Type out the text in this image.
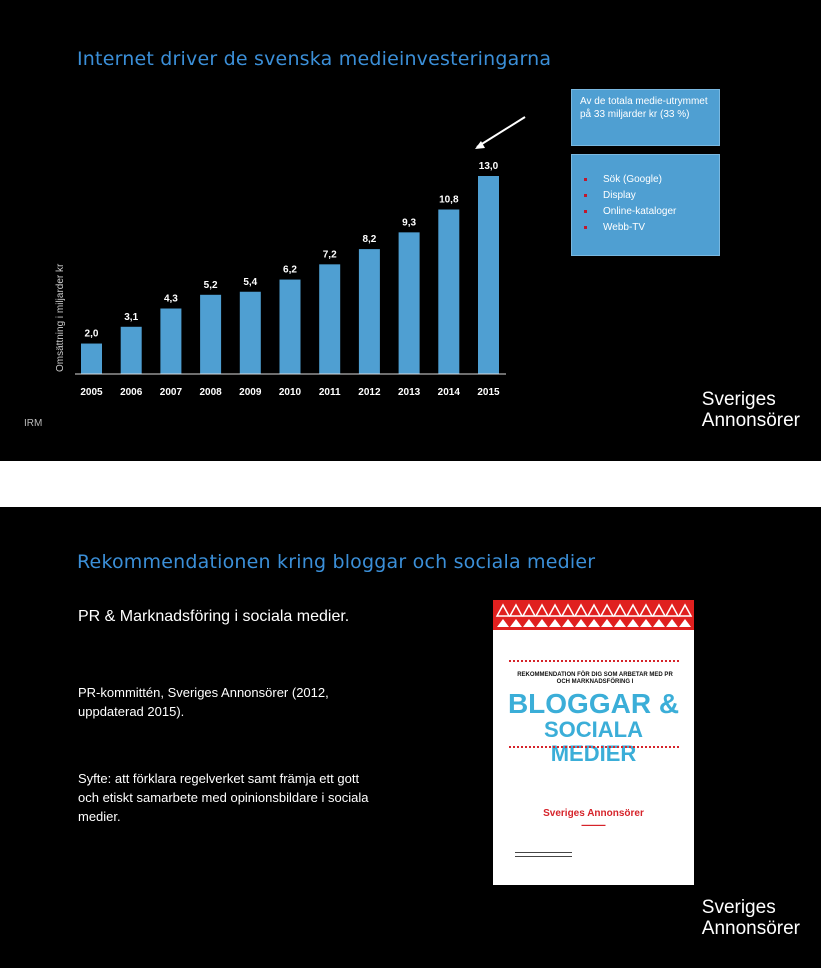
Internet driver de svenska medieinvesteringarna
2,0
2005
3,1
2006
4,3
2007
5,2
2008
5,4
2009
6,2
2010
7,2
2011
8,2
2012
9,3
2013
10,8
2014
13,0
2015
Omsättning i miljarder kr
Av de totala medie-utrymmet på 33 miljarder kr (33 %)
Sök (Google)
Display
Online-kataloger
Webb-TV
IRM
Sveriges
Annonsörer
Rekommendationen kring bloggar och sociala medier
PR & Marknadsföring i sociala medier.
PR-kommittén, Sveriges Annonsörer (2012, uppdaterad 2015).
Syfte: att förklara regelverket samt främja ett gott och etiskt samarbete med opinionsbildare i sociala medier.
REKOMMENDATION FÖR DIG SOM ARBETAR MED PR OCH MARKNADSFÖRING I
BLOGGAR &
SOCIALA MEDIER
Sveriges Annonsörer
▬▬▬▬▬▬
▬▬▬▬▬▬▬▬▬▬▬▬▬▬▬▬▬▬▬
▬▬▬▬▬▬▬▬▬▬▬▬▬▬▬▬▬▬▬
Sveriges
Annonsörer
